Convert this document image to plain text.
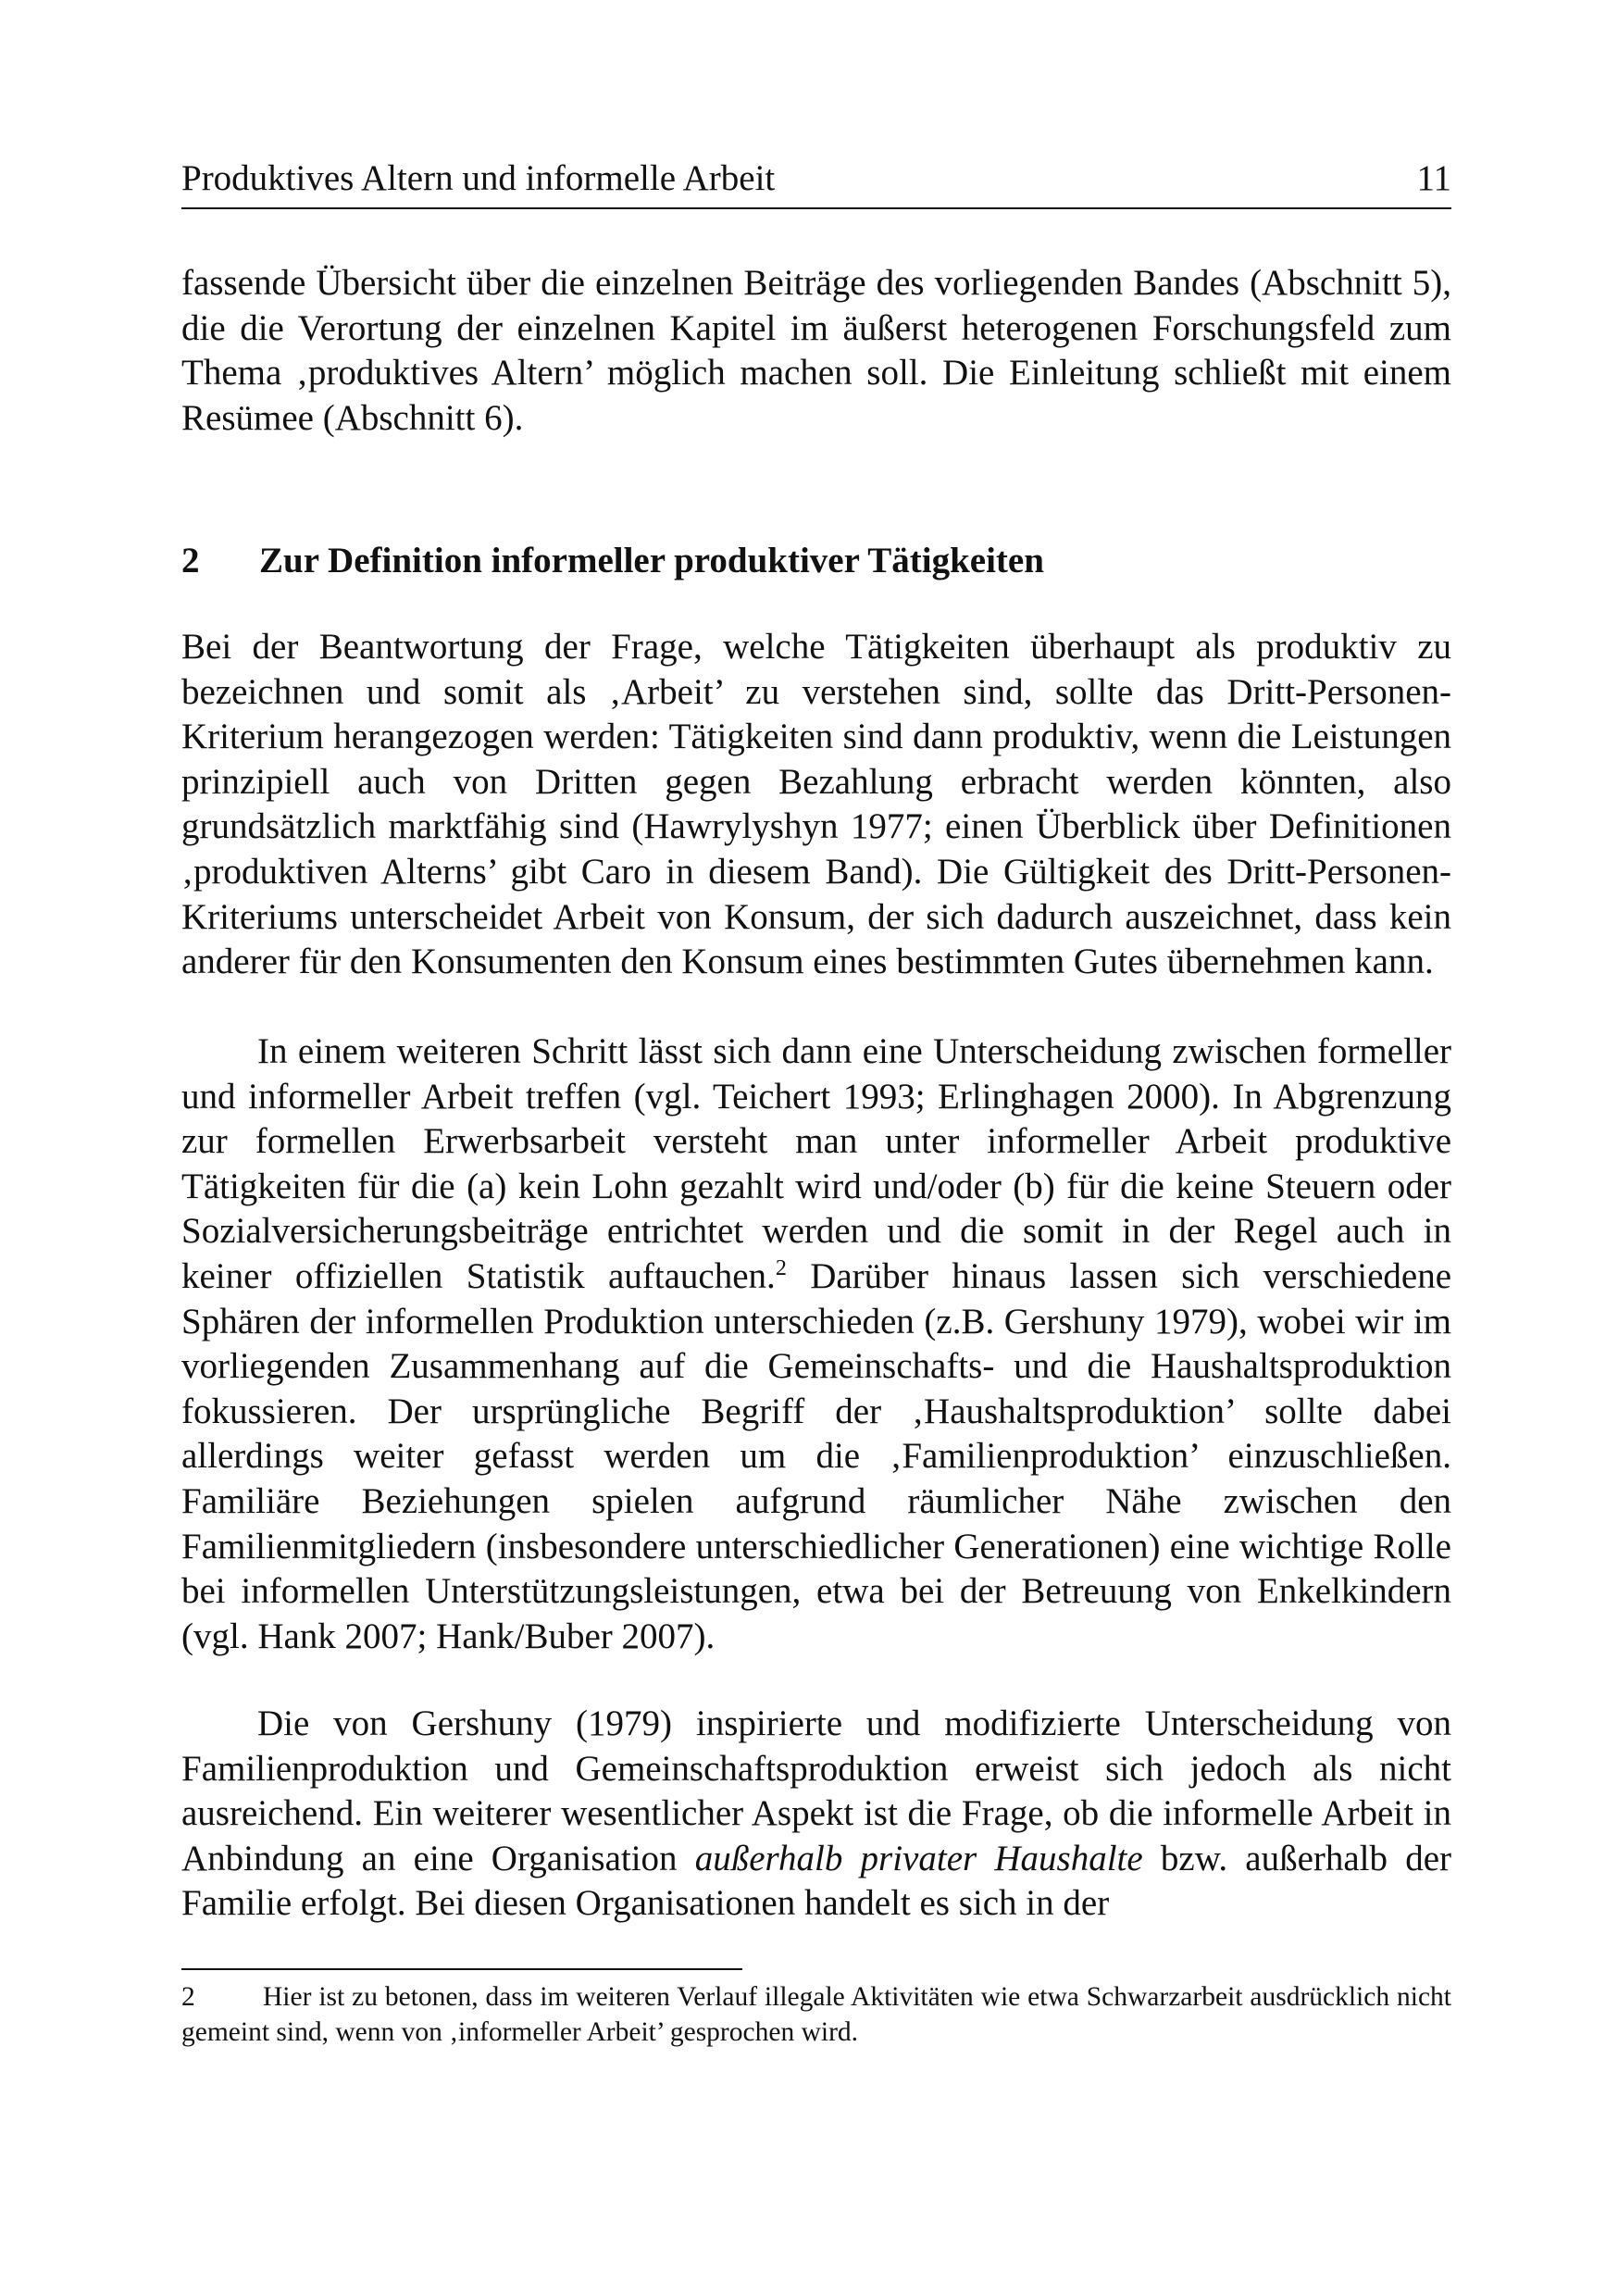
Produktives Altern und informelle Arbeit	11

fassende Übersicht über die einzelnen Beiträge des vorliegenden Bandes (Abschnitt 5), die die Verortung der einzelnen Kapitel im äußerst heterogenen Forschungsfeld zum Thema ‚produktives Altern’ möglich machen soll. Die Einleitung schließt mit einem Resümee (Abschnitt 6).

2 Zur Definition informeller produktiver Tätigkeiten

Bei der Beantwortung der Frage, welche Tätigkeiten überhaupt als produktiv zu bezeichnen und somit als ‚Arbeit’ zu verstehen sind, sollte das Dritt-Personen-Kriterium herangezogen werden: Tätigkeiten sind dann produktiv, wenn die Leistungen prinzipiell auch von Dritten gegen Bezahlung erbracht werden könnten, also grundsätzlich marktfähig sind (Hawrylyshyn 1977; einen Überblick über Definitionen ‚produktiven Alterns’ gibt Caro in diesem Band). Die Gültigkeit des Dritt-Personen-Kriteriums unterscheidet Arbeit von Konsum, der sich dadurch auszeichnet, dass kein anderer für den Konsumenten den Konsum eines bestimmten Gutes übernehmen kann.

In einem weiteren Schritt lässt sich dann eine Unterscheidung zwischen formeller und informeller Arbeit treffen (vgl. Teichert 1993; Erlinghagen 2000). In Abgrenzung zur formellen Erwerbsarbeit versteht man unter informeller Arbeit produktive Tätigkeiten für die (a) kein Lohn gezahlt wird und/oder (b) für die keine Steuern oder Sozialversicherungsbeiträge entrichtet werden und die somit in der Regel auch in keiner offiziellen Statistik auftauchen.$^2$ Darüber hinaus lassen sich verschiedene Sphären der informellen Produktion unterschieden (z.B. Gershuny 1979), wobei wir im vorliegenden Zusammenhang auf die Gemeinschafts- und die Haushaltsproduktion fokussieren. Der ursprüngliche Begriff der ‚Haushaltsproduktion’ sollte dabei allerdings weiter gefasst werden um die ‚Familienproduktion’ einzuschließen. Familiäre Beziehungen spielen aufgrund räumlicher Nähe zwischen den Familienmitgliedern (insbesondere unterschiedlicher Generationen) eine wichtige Rolle bei informellen Unterstützungsleistungen, etwa bei der Betreuung von Enkelkindern (vgl. Hank 2007; Hank/Buber 2007).

Die von Gershuny (1979) inspirierte und modifizierte Unterscheidung von Familienproduktion und Gemeinschaftsproduktion erweist sich jedoch als nicht ausreichend. Ein weiterer wesentlicher Aspekt ist die Frage, ob die informelle Arbeit in Anbindung an eine Organisation außerhalb privater Haushalte bzw. außerhalb der Familie erfolgt. Bei diesen Organisationen handelt es sich in der

2 Hier ist zu betonen, dass im weiteren Verlauf illegale Aktivitäten wie etwa Schwarzarbeit ausdrücklich nicht gemeint sind, wenn von ‚informeller Arbeit’ gesprochen wird.
